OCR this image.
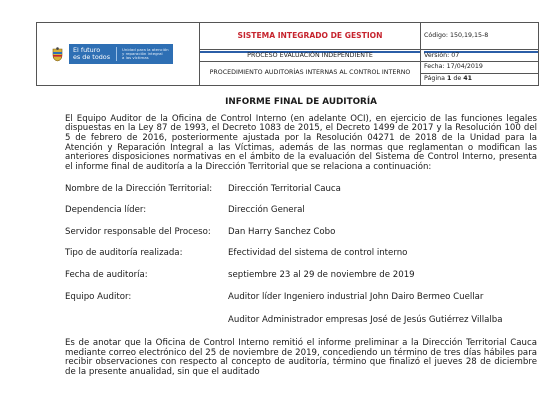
El futuro
es de todos
Unidad para la atención
y reparación integral
a las víctimas	SISTEMA INTEGRADO DE GESTION	Código: 150,19,15-8

PROCESO EVALUACIÓN INDEPENDIENTE	Versión: 07
	PROCEDIMIENTO AUDITORÍAS INTERNAS AL CONTROL INTERNO	Fecha: 17/04/2019
		Página 1 de 41
INFORME FINAL DE AUDITORÍA

El Equipo Auditor de la Oficina de Control Interno (en adelante OCI), en ejercicio de las funciones legales dispuestas en la Ley 87 de 1993, el Decreto 1083 de 2015, el Decreto 1499 de 2017 y la Resolución 100 del 5 de febrero de 2016, posteriormente ajustada por la Resolución 04271 de 2018 de la Unidad para la Atención y Reparación Integral a las Víctimas, además de las normas que reglamentan o modifican las anteriores disposiciones normativas en el ámbito de la evaluación del Sistema de Control Interno, presenta el informe final de auditoría a la Dirección Territorial que se relaciona a continuación:

Nombre de la Dirección Territorial:	Dirección Territorial Cauca
Dependencia líder:	Dirección General
Servidor responsable del Proceso:	Dan Harry Sanchez Cobo
Tipo de auditoría realizada:	Efectividad del sistema de control interno
Fecha de auditoría:	septiembre 23 al 29 de noviembre de 2019
Equipo Auditor:	Auditor líder Ingeniero industrial John Dairo Bermeo Cuellar
Auditor Administrador empresas José de Jesús Gutiérrez Villalba

Es de anotar que la Oficina de Control Interno remitió el informe preliminar a la Dirección Territorial Cauca mediante correo electrónico del 25 de noviembre de 2019, concediendo un término de tres días hábiles para recibir observaciones con respecto al concepto de auditoría, término que finalizó el jueves 28 de diciembre de la presente anualidad, sin que el auditado
